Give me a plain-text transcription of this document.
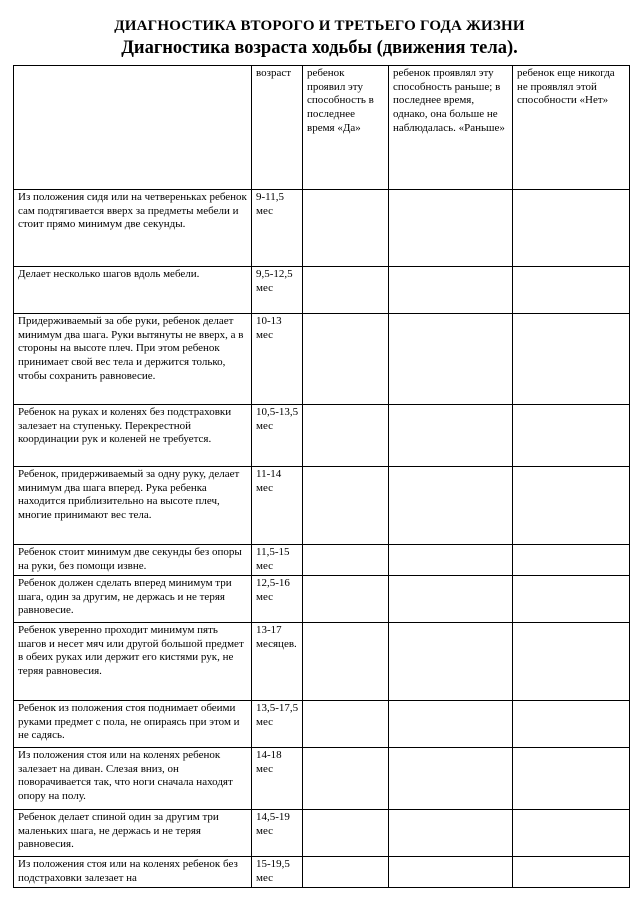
ДИАГНОСТИКА ВТОРОГО И ТРЕТЬЕГО ГОДА ЖИЗНИ
Диагностика возраста ходьбы (движения тела).
	возраст	ребенок проявил эту способность в последнее время «Да»	ребенок проявлял эту способность раньше; в последнее время, однако, она больше не наблюдалась. «Раньше»	ребенок еще никогда не проявлял этой способности «Нет»
Из положения сидя или на четвереньках ребенок сам подтягивается вверх за предметы мебели и стоит прямо минимум две секунды.	9-11,5 мес			
Делает несколько шагов вдоль мебели.	9,5-12,5 мес			
Придерживаемый за обе руки, ребенок делает минимум два шага. Руки вытянуты не вверх, а в стороны на высоте плеч. При этом ребенок принимает свой вес тела и держится только, чтобы сохранить равновесие.	10-13 мес			
Ребенок на руках и коленях без подстраховки залезает на ступеньку. Перекрестной координации рук и коленей не требуется.	10,5-13,5 мес			
Ребенок, придерживаемый за одну руку, делает минимум два шага вперед. Рука ребенка находится приблизительно на высоте плеч, многие принимают вес тела.	11-14 мес			
Ребенок стоит минимум две секунды без опоры на руки, без помощи извне.	11,5-15 мес			
Ребенок должен сделать вперед минимум три шага, один за другим, не держась и не теряя равновесие.	12,5-16 мес			
Ребенок уверенно проходит минимум пять шагов и несет мяч или другой большой предмет в обеих руках или держит его кистями рук, не теряя равновесия.	13-17 месяцев.			
Ребенок из положения стоя поднимает обеими руками предмет с пола, не опираясь при этом и не садясь.	13,5-17,5 мес			
Из положения стоя или на коленях ребенок залезает на диван. Слезая вниз, он поворачивается так, что ноги сначала находят опору на полу.	14-18 мес			
Ребенок делает спиной один за другим три маленьких шага, не держась и не теряя равновесия.	14,5-19 мес			
Из положения стоя или на коленях ребенок без подстраховки залезает на	15-19,5 мес			
